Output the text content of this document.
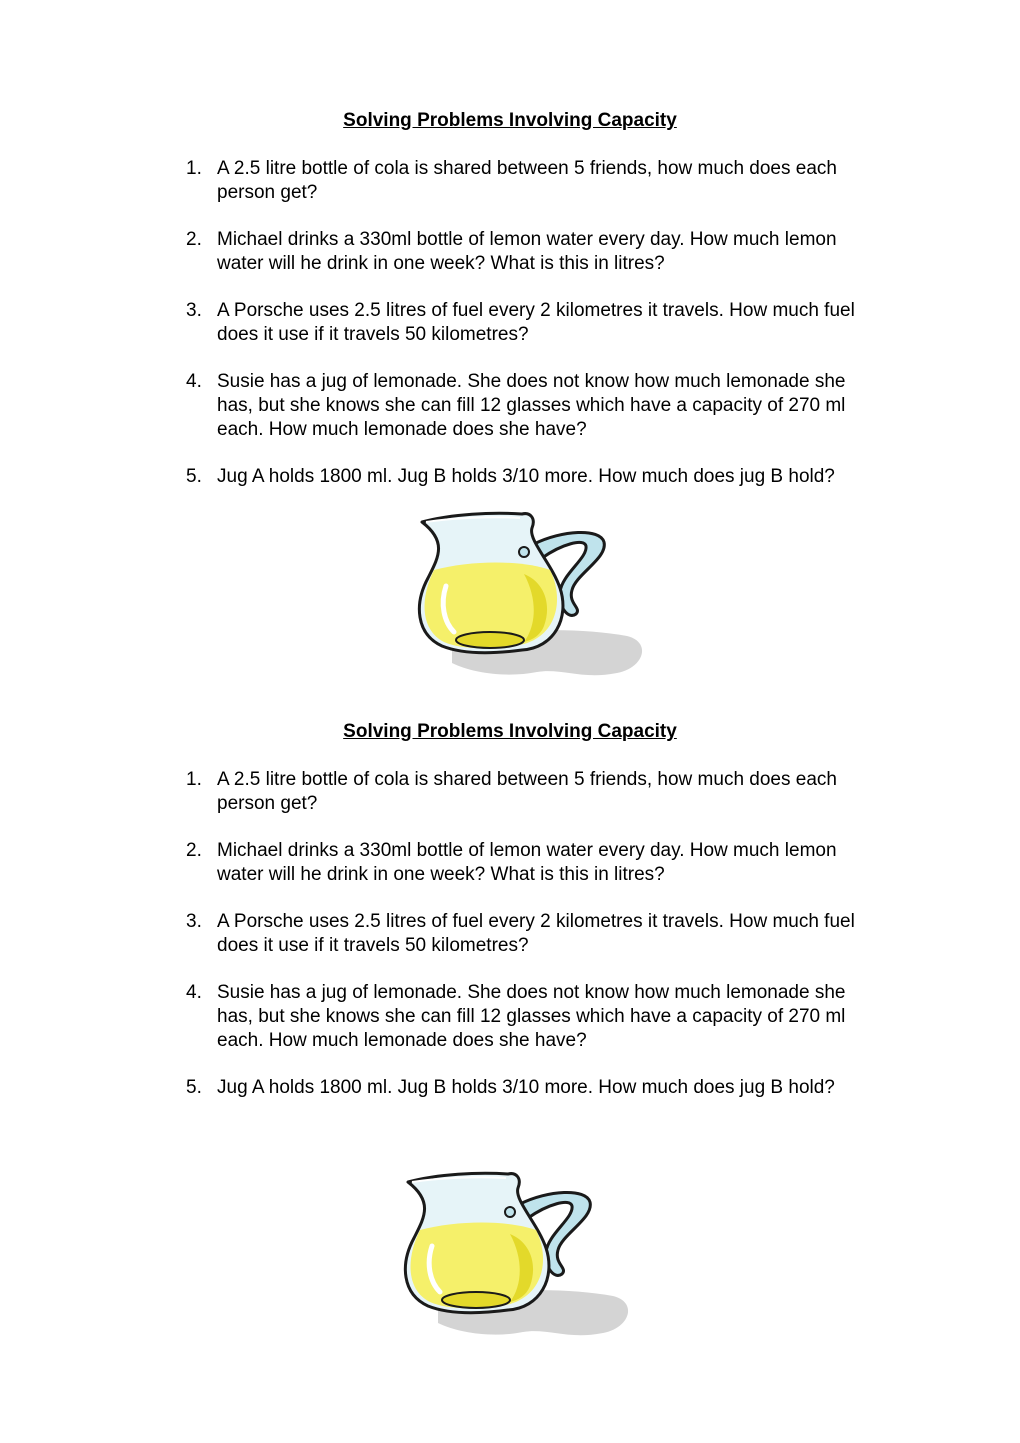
Solving Problems Involving Capacity
1. A 2.5 litre bottle of cola is shared between 5 friends, how much does each person get?
2. Michael drinks a 330ml bottle of lemon water every day. How much lemon water will he drink in one week? What is this in litres?
3. A Porsche uses 2.5 litres of fuel every 2 kilometres it travels. How much fuel does it use if it travels 50 kilometres?
4. Susie has a jug of lemonade. She does not know how much lemonade she has, but she knows she can fill 12 glasses which have a capacity of 270 ml each. How much lemonade does she have?
5. Jug A holds 1800 ml. Jug B holds 3/10 more. How much does jug B hold?
Solving Problems Involving Capacity
1. A 2.5 litre bottle of cola is shared between 5 friends, how much does each person get?
2. Michael drinks a 330ml bottle of lemon water every day. How much lemon water will he drink in one week? What is this in litres?
3. A Porsche uses 2.5 litres of fuel every 2 kilometres it travels. How much fuel does it use if it travels 50 kilometres?
4. Susie has a jug of lemonade. She does not know how much lemonade she has, but she knows she can fill 12 glasses which have a capacity of 270 ml each. How much lemonade does she have?
5. Jug A holds 1800 ml. Jug B holds 3/10 more. How much does jug B hold?
